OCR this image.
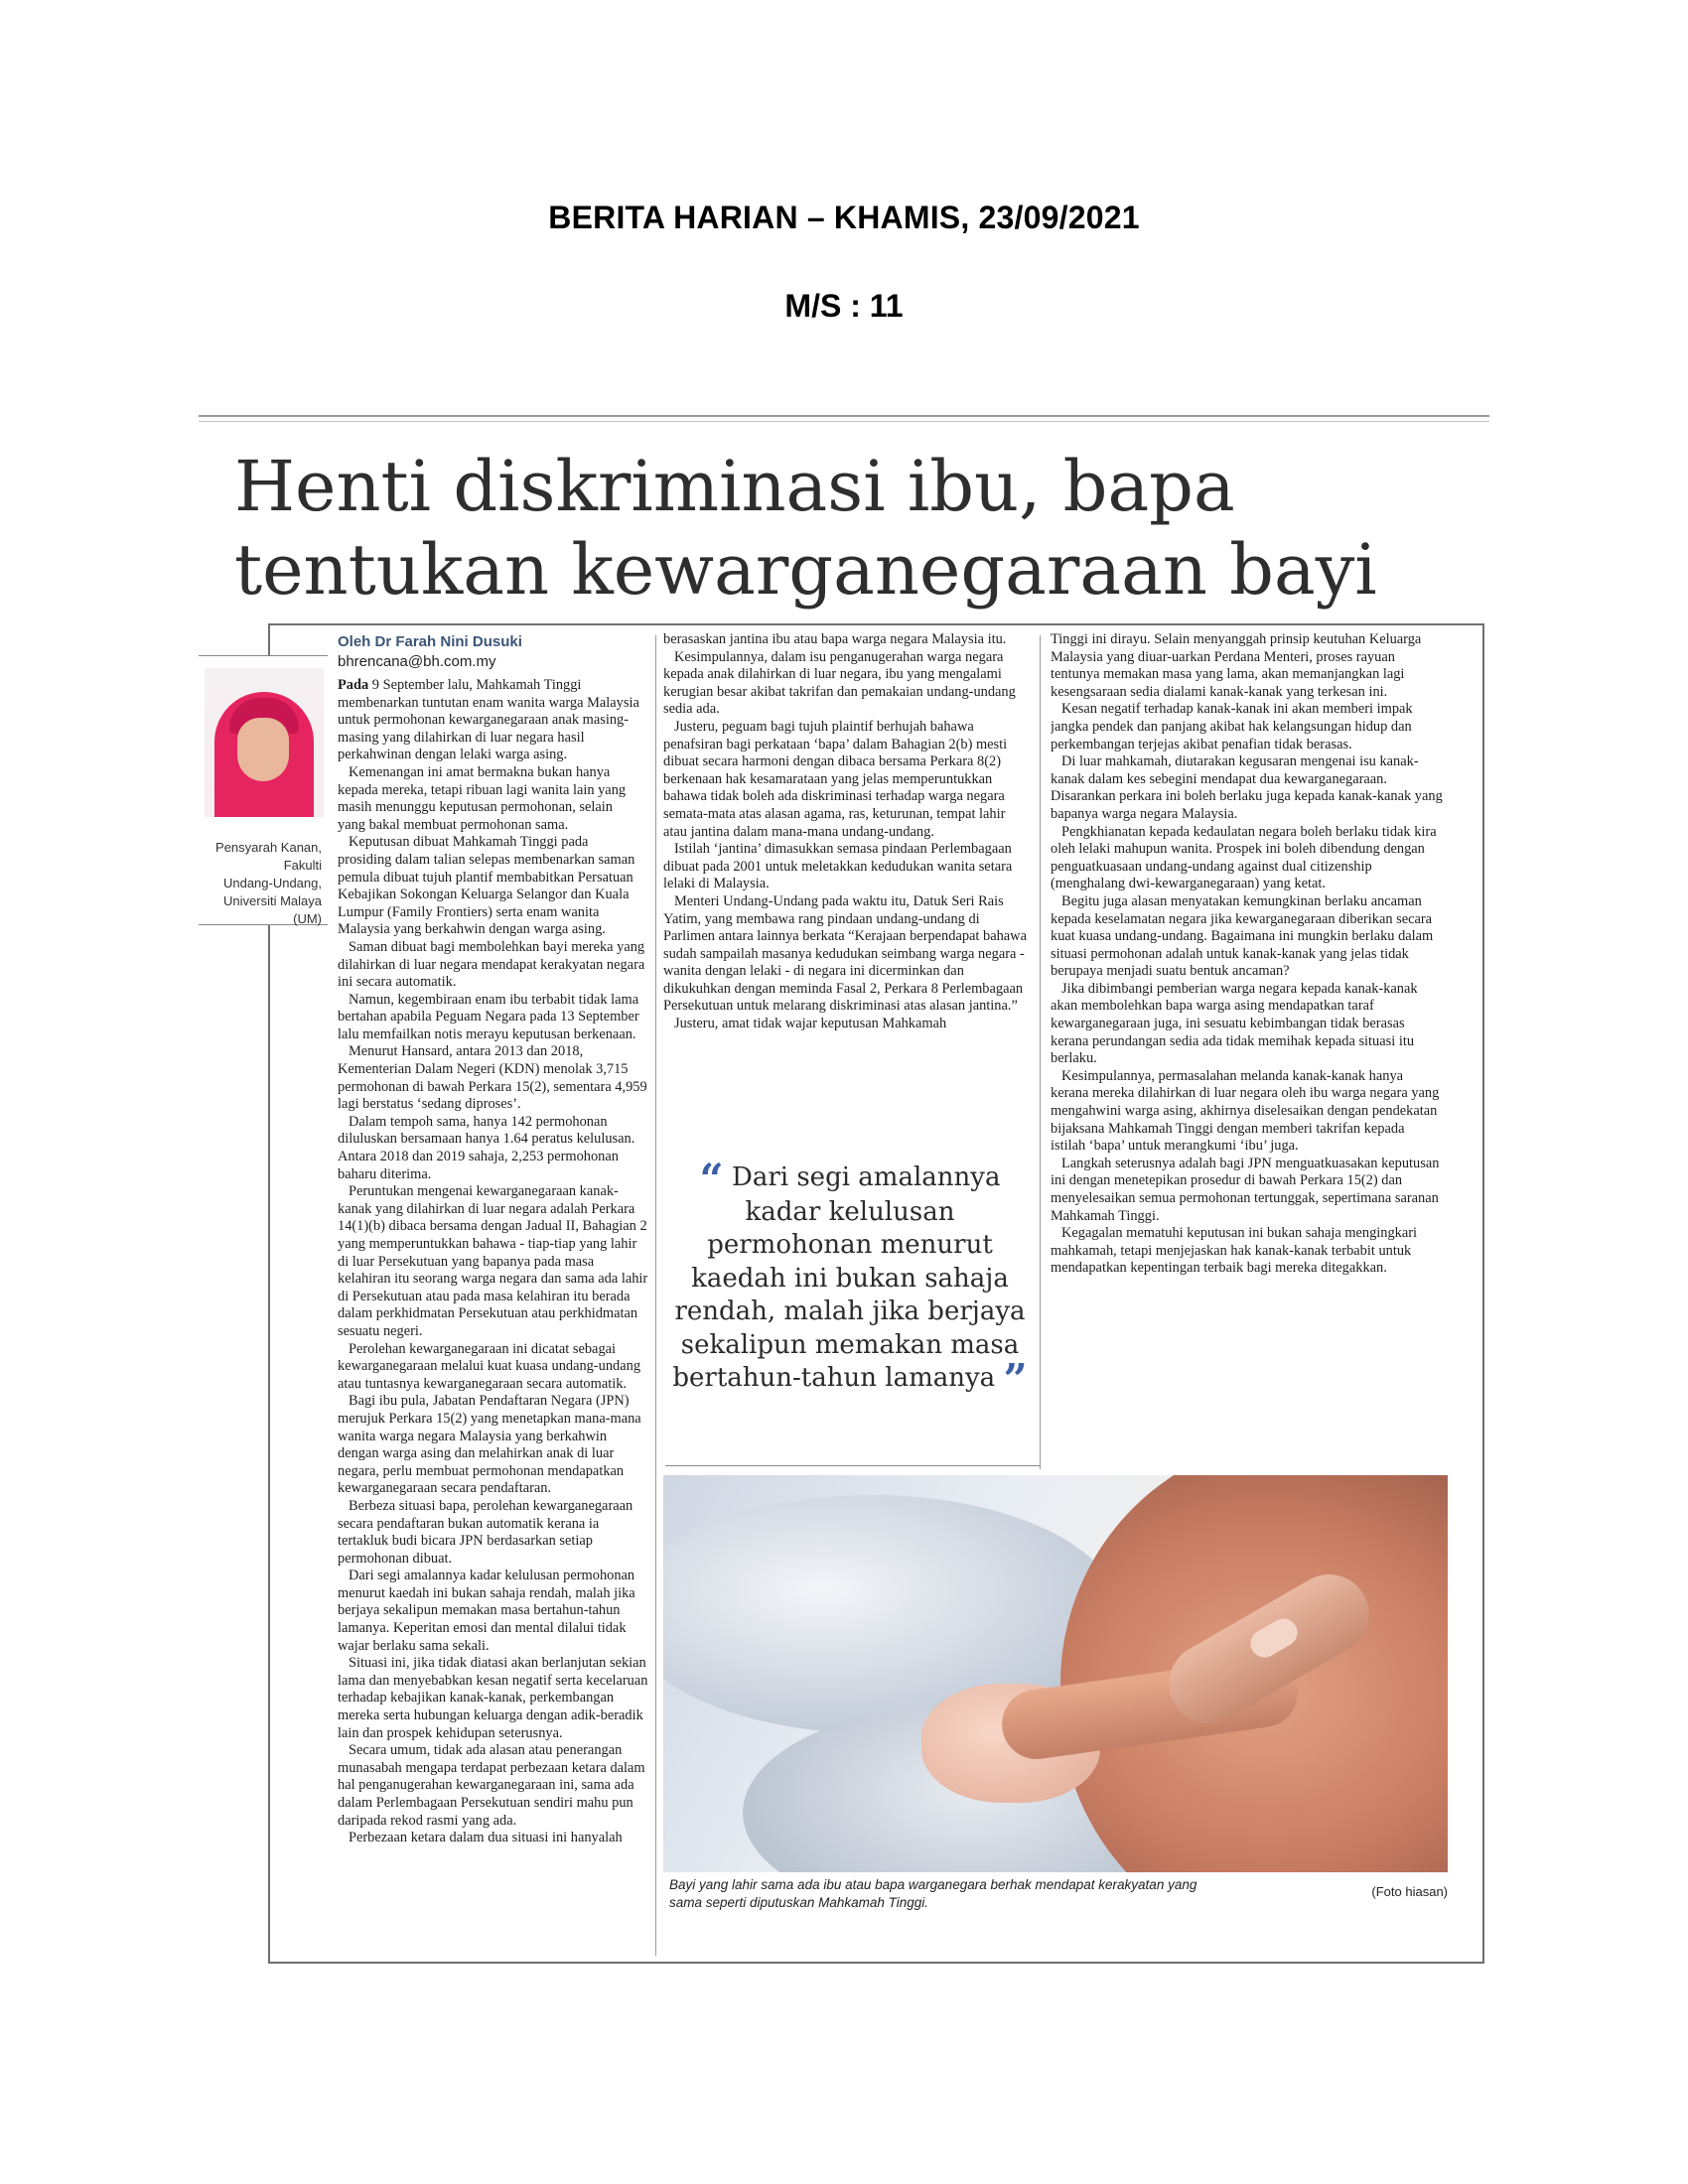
BERITA HARIAN – KHAMIS, 23/09/2021
M/S : 11
Henti diskriminasi ibu, bapa
tentukan kewarganegaraan bayi
Pensyarah Kanan,
Fakulti
Undang-Undang,
Universiti Malaya
(UM)
Oleh Dr Farah Nini Dusuki
bhrencana@bh.com.my

Pada 9 September lalu, Mahkamah Tinggi membenarkan tuntutan enam wanita warga Malaysia untuk permohonan kewarganegaraan anak masing-masing yang dilahirkan di luar negara hasil perkahwinan dengan lelaki warga asing.

Kemenangan ini amat bermakna bukan hanya kepada mereka, tetapi ribuan lagi wanita lain yang masih menunggu keputusan permohonan, selain yang bakal membuat permohonan sama.

Keputusan dibuat Mahkamah Tinggi pada prosiding dalam talian selepas membenarkan saman pemula dibuat tujuh plantif membabitkan Persatuan Kebajikan Sokongan Keluarga Selangor dan Kuala Lumpur (Family Frontiers) serta enam wanita Malaysia yang berkahwin dengan warga asing.

Saman dibuat bagi membolehkan bayi mereka yang dilahirkan di luar negara mendapat kerakyatan negara ini secara automatik.

Namun, kegembiraan enam ibu terbabit tidak lama bertahan apabila Peguam Negara pada 13 September lalu memfailkan notis merayu keputusan berkenaan.

Menurut Hansard, antara 2013 dan 2018, Kementerian Dalam Negeri (KDN) menolak 3,715 permohonan di bawah Perkara 15(2), sementara 4,959 lagi berstatus ‘sedang diproses’.

Dalam tempoh sama, hanya 142 permohonan diluluskan bersamaan hanya 1.64 peratus kelulusan. Antara 2018 dan 2019 sahaja, 2,253 permohonan baharu diterima.

Peruntukan mengenai kewarganegaraan kanak-kanak yang dilahirkan di luar negara adalah Perkara 14(1)(b) dibaca bersama dengan Jadual II, Bahagian 2 yang memperuntukkan bahawa - tiap-tiap yang lahir di luar Persekutuan yang bapanya pada masa kelahiran itu seorang warga negara dan sama ada lahir di Persekutuan atau pada masa kelahiran itu berada dalam perkhidmatan Persekutuan atau perkhidmatan sesuatu negeri.

Perolehan kewarganegaraan ini dicatat sebagai kewarganegaraan melalui kuat kuasa undang-undang atau tuntasnya kewarganegaraan secara automatik.

Bagi ibu pula, Jabatan Pendaftaran Negara (JPN) merujuk Perkara 15(2) yang menetapkan mana-mana wanita warga negara Malaysia yang berkahwin dengan warga asing dan melahirkan anak di luar negara, perlu membuat permohonan mendapatkan kewarganegaraan secara pendaftaran.

Berbeza situasi bapa, perolehan kewarganegaraan secara pendaftaran bukan automatik kerana ia tertakluk budi bicara JPN berdasarkan setiap permohonan dibuat.

Dari segi amalannya kadar kelulusan permohonan menurut kaedah ini bukan sahaja rendah, malah jika berjaya sekalipun memakan masa bertahun-tahun lamanya. Keperitan emosi dan mental dilalui tidak wajar berlaku sama sekali.

Situasi ini, jika tidak diatasi akan berlanjutan sekian lama dan menyebabkan kesan negatif serta kecelaruan terhadap kebajikan kanak-kanak, perkembangan mereka serta hubungan keluarga dengan adik-beradik lain dan prospek kehidupan seterusnya.

Secara umum, tidak ada alasan atau penerangan munasabah mengapa terdapat perbezaan ketara dalam hal penganugerahan kewarganegaraan ini, sama ada dalam Perlembagaan Persekutuan sendiri mahu pun daripada rekod rasmi yang ada.

Perbezaan ketara dalam dua situasi ini hanyalah

berasaskan jantina ibu atau bapa warga negara Malaysia itu.

Kesimpulannya, dalam isu penganugerahan warga negara kepada anak dilahirkan di luar negara, ibu yang mengalami kerugian besar akibat takrifan dan pemakaian undang-undang sedia ada.

Justeru, peguam bagi tujuh plaintif berhujah bahawa penafsiran bagi perkataan ‘bapa’ dalam Bahagian 2(b) mesti dibuat secara harmoni dengan dibaca bersama Perkara 8(2) berkenaan hak kesamarataan yang jelas memperuntukkan bahawa tidak boleh ada diskriminasi terhadap warga negara semata-mata atas alasan agama, ras, keturunan, tempat lahir atau jantina dalam mana-mana undang-undang.

Istilah ‘jantina’ dimasukkan semasa pindaan Perlembagaan dibuat pada 2001 untuk meletakkan kedudukan wanita setara lelaki di Malaysia.

Menteri Undang-Undang pada waktu itu, Datuk Seri Rais Yatim, yang membawa rang pindaan undang-undang di Parlimen antara lainnya berkata “Kerajaan berpendapat bahawa sudah sampailah masanya kedudukan seimbang warga negara - wanita dengan lelaki - di negara ini dicerminkan dan dikukuhkan dengan meminda Fasal 2, Perkara 8 Perlembagaan Persekutuan untuk melarang diskriminasi atas alasan jantina.”

Justeru, amat tidak wajar keputusan Mahkamah

Tinggi ini dirayu. Selain menyanggah prinsip keutuhan Keluarga Malaysia yang diuar-uarkan Perdana Menteri, proses rayuan tentunya memakan masa yang lama, akan memanjangkan lagi kesengsaraan sedia dialami kanak-kanak yang terkesan ini.

Kesan negatif terhadap kanak-kanak ini akan memberi impak jangka pendek dan panjang akibat hak kelangsungan hidup dan perkembangan terjejas akibat penafian tidak berasas.

Di luar mahkamah, diutarakan kegusaran mengenai isu kanak-kanak dalam kes sebegini mendapat dua kewarganegaraan. Disarankan perkara ini boleh berlaku juga kepada kanak-kanak yang bapanya warga negara Malaysia.

Pengkhianatan kepada kedaulatan negara boleh berlaku tidak kira oleh lelaki mahupun wanita. Prospek ini boleh dibendung dengan penguatkuasaan undang-undang against dual citizenship (menghalang dwi-kewarganegaraan) yang ketat.

Begitu juga alasan menyatakan kemungkinan berlaku ancaman kepada keselamatan negara jika kewarganegaraan diberikan secara kuat kuasa undang-undang. Bagaimana ini mungkin berlaku dalam situasi permohonan adalah untuk kanak-kanak yang jelas tidak berupaya menjadi suatu bentuk ancaman?

Jika dibimbangi pemberian warga negara kepada kanak-kanak akan membolehkan bapa warga asing mendapatkan taraf kewarganegaraan juga, ini sesuatu kebimbangan tidak berasas kerana perundangan sedia ada tidak memihak kepada situasi itu berlaku.

Kesimpulannya, permasalahan melanda kanak-kanak hanya kerana mereka dilahirkan di luar negara oleh ibu warga negara yang mengahwini warga asing, akhirnya diselesaikan dengan pendekatan bijaksana Mahkamah Tinggi dengan memberi takrifan kepada istilah ‘bapa’ untuk merangkumi ‘ibu’ juga.

Langkah seterusnya adalah bagi JPN menguatkuasakan keputusan ini dengan menetepikan prosedur di bawah Perkara 15(2) dan menyelesaikan semua permohonan tertunggak, sepertimana saranan Mahkamah Tinggi.

Kegagalan mematuhi keputusan ini bukan sahaja mengingkari mahkamah, tetapi menjejaskan hak kanak-kanak terbabit untuk mendapatkan kepentingan terbaik bagi mereka ditegakkan.

“ Dari segi amalannya kadar kelulusan permohonan menurut kaedah ini bukan sahaja rendah, malah jika berjaya sekalipun memakan masa bertahun-tahun lamanya ”
Bayi yang lahir sama ada ibu atau bapa warganegara berhak mendapat kerakyatan yang sama seperti diputuskan Mahkamah Tinggi.
(Foto hiasan)
